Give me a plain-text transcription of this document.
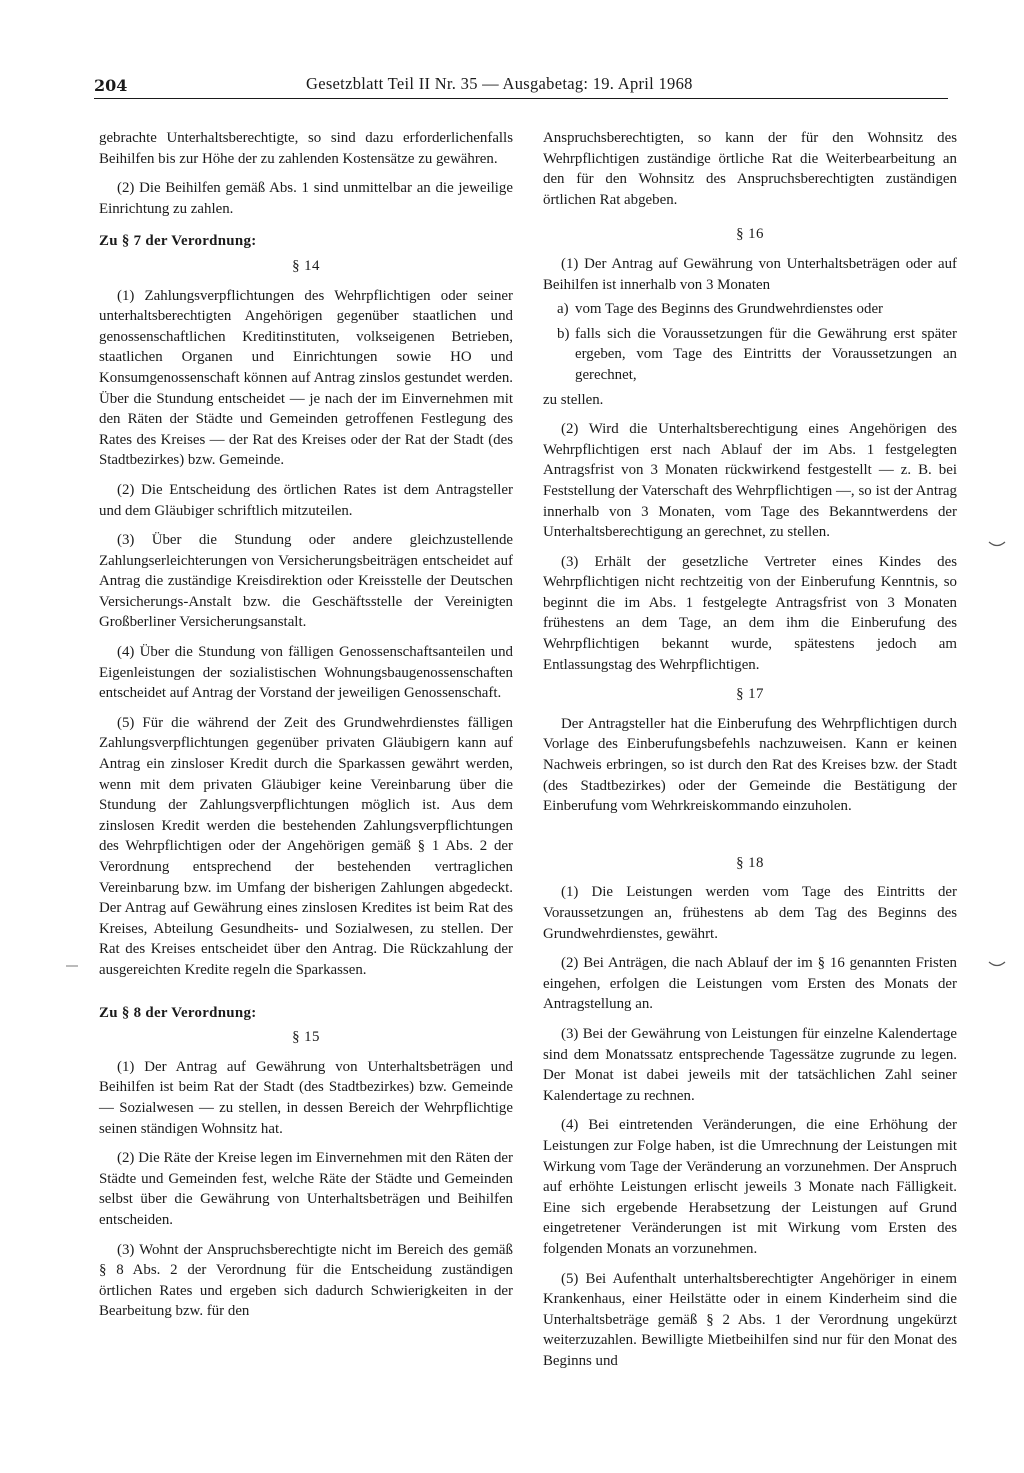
204	Gesetzblatt Teil II Nr. 35 — Ausgabetag: 19. April 1968

gebrachte Unterhaltsberechtigte, so sind dazu erforderlichenfalls Beihilfen bis zur Höhe der zu zahlenden Kostensätze zu gewähren.

(2) Die Beihilfen gemäß Abs. 1 sind unmittelbar an die jeweilige Einrichtung zu zahlen.

Zu § 7 der Verordnung:
§ 14

(1) Zahlungsverpflichtungen des Wehrpflichtigen oder seiner unterhaltsberechtigten Angehörigen gegenüber staatlichen und genossenschaftlichen Kreditinstituten, volkseigenen Betrieben, staatlichen Organen und Einrichtungen sowie HO und Konsumgenossenschaft können auf Antrag zinslos gestundet werden. Über die Stundung entscheidet — je nach der im Einvernehmen mit den Räten der Städte und Gemeinden getroffenen Festlegung des Rates des Kreises — der Rat des Kreises oder der Rat der Stadt (des Stadtbezirkes) bzw. Gemeinde.

(2) Die Entscheidung des örtlichen Rates ist dem Antragsteller und dem Gläubiger schriftlich mitzuteilen.

(3) Über die Stundung oder andere gleichzustellende Zahlungserleichterungen von Versicherungsbeiträgen entscheidet auf Antrag die zuständige Kreisdirektion oder Kreisstelle der Deutschen Versicherungs-Anstalt bzw. die Geschäftsstelle der Vereinigten Großberliner Versicherungsanstalt.

(4) Über die Stundung von fälligen Genossenschaftsanteilen und Eigenleistungen der sozialistischen Wohnungsbaugenossenschaften entscheidet auf Antrag der Vorstand der jeweiligen Genossenschaft.

(5) Für die während der Zeit des Grundwehrdienstes fälligen Zahlungsverpflichtungen gegenüber privaten Gläubigern kann auf Antrag ein zinsloser Kredit durch die Sparkassen gewährt werden, wenn mit dem privaten Gläubiger keine Vereinbarung über die Stundung der Zahlungsverpflichtungen möglich ist. Aus dem zinslosen Kredit werden die bestehenden Zahlungsverpflichtungen des Wehrpflichtigen oder der Angehörigen gemäß § 1 Abs. 2 der Verordnung entsprechend der bestehenden vertraglichen Vereinbarung bzw. im Umfang der bisherigen Zahlungen abgedeckt. Der Antrag auf Gewährung eines zinslosen Kredites ist beim Rat des Kreises, Abteilung Gesundheits- und Sozialwesen, zu stellen. Der Rat des Kreises entscheidet über den Antrag. Die Rückzahlung der ausgereichten Kredite regeln die Sparkassen.

Zu § 8 der Verordnung:
§ 15

(1) Der Antrag auf Gewährung von Unterhaltsbeträgen und Beihilfen ist beim Rat der Stadt (des Stadtbezirkes) bzw. Gemeinde — Sozialwesen — zu stellen, in dessen Bereich der Wehrpflichtige seinen ständigen Wohnsitz hat.

(2) Die Räte der Kreise legen im Einvernehmen mit den Räten der Städte und Gemeinden fest, welche Räte der Städte und Gemeinden selbst über die Gewährung von Unterhaltsbeträgen und Beihilfen entscheiden.

(3) Wohnt der Anspruchsberechtigte nicht im Bereich des gemäß § 8 Abs. 2 der Verordnung für die Entscheidung zuständigen örtlichen Rates und ergeben sich dadurch Schwierigkeiten in der Bearbeitung bzw. für den

Anspruchsberechtigten, so kann der für den Wohnsitz des Wehrpflichtigen zuständige örtliche Rat die Weiterbearbeitung an den für den Wohnsitz des Anspruchsberechtigten zuständigen örtlichen Rat abgeben.

§ 16

(1) Der Antrag auf Gewährung von Unterhaltsbeträgen oder auf Beihilfen ist innerhalb von 3 Monaten

a) vom Tage des Beginns des Grundwehrdienstes oder
b) falls sich die Voraussetzungen für die Gewährung erst später ergeben, vom Tage des Eintritts der Voraussetzungen an gerechnet,

zu stellen.

(2) Wird die Unterhaltsberechtigung eines Angehörigen des Wehrpflichtigen erst nach Ablauf der im Abs. 1 festgelegten Antragsfrist von 3 Monaten rückwirkend festgestellt — z. B. bei Feststellung der Vaterschaft des Wehrpflichtigen —, so ist der Antrag innerhalb von 3 Monaten, vom Tage des Bekanntwerdens der Unterhaltsberechtigung an gerechnet, zu stellen.

(3) Erhält der gesetzliche Vertreter eines Kindes des Wehrpflichtigen nicht rechtzeitig von der Einberufung Kenntnis, so beginnt die im Abs. 1 festgelegte Antragsfrist von 3 Monaten frühestens an dem Tage, an dem ihm die Einberufung des Wehrpflichtigen bekannt wurde, spätestens jedoch am Entlassungstag des Wehrpflichtigen.

§ 17

Der Antragsteller hat die Einberufung des Wehrpflichtigen durch Vorlage des Einberufungsbefehls nachzuweisen. Kann er keinen Nachweis erbringen, so ist durch den Rat des Kreises bzw. der Stadt (des Stadtbezirkes) oder der Gemeinde die Bestätigung der Einberufung vom Wehrkreiskommando einzuholen.

§ 18

(1) Die Leistungen werden vom Tage des Eintritts der Voraussetzungen an, frühestens ab dem Tag des Beginns des Grundwehrdienstes, gewährt.

(2) Bei Anträgen, die nach Ablauf der im § 16 genannten Fristen eingehen, erfolgen die Leistungen vom Ersten des Monats der Antragstellung an.

(3) Bei der Gewährung von Leistungen für einzelne Kalendertage sind dem Monatssatz entsprechende Tagessätze zugrunde zu legen. Der Monat ist dabei jeweils mit der tatsächlichen Zahl seiner Kalendertage zu rechnen.

(4) Bei eintretenden Veränderungen, die eine Erhöhung der Leistungen zur Folge haben, ist die Umrechnung der Leistungen mit Wirkung vom Tage der Veränderung an vorzunehmen. Der Anspruch auf erhöhte Leistungen erlischt jeweils 3 Monate nach Fälligkeit. Eine sich ergebende Herabsetzung der Leistungen auf Grund eingetretener Veränderungen ist mit Wirkung vom Ersten des folgenden Monats an vorzunehmen.

(5) Bei Aufenthalt unterhaltsberechtigter Angehöriger in einem Krankenhaus, einer Heilstätte oder in einem Kinderheim sind die Unterhaltsbeträge gemäß § 2 Abs. 1 der Verordnung ungekürzt weiterzuzahlen. Bewilligte Mietbeihilfen sind nur für den Monat des Beginns und
